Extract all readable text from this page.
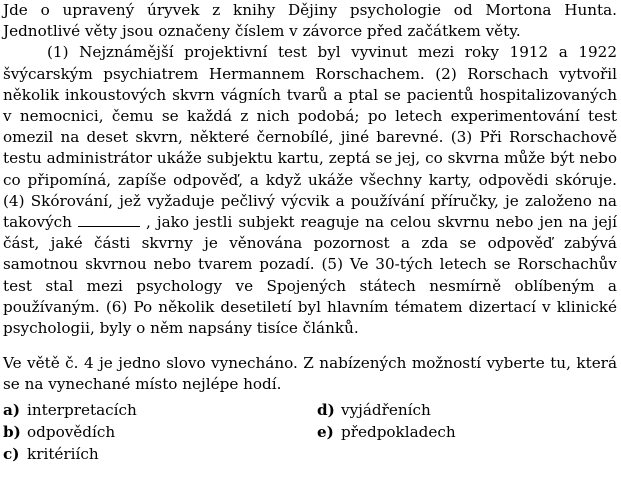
Jde o upravený úryvek z knihy Dějiny psychologie od Mortona Hunta. Jednotlivé věty jsou označeny číslem v závorce před začátkem věty.

(1) Nejznámější projektivní test byl vyvinut mezi roky 1912 a 1922 švýcarským psychiatrem Hermannem Rorschachem. (2) Rorschach vytvořil několik inkoustových skvrn vágních tvarů a ptal se pacientů hospitalizovaných v nemocnici, čemu se každá z nich podobá; po letech experimentování test omezil na deset skvrn, některé černobílé, jiné barevné. (3) Při Rorschachově testu administrátor ukáže subjektu kartu, zeptá se jej, co skvrna může být nebo co připomíná, zapíše odpověď, a když ukáže všechny karty, odpovědi skóruje. (4) Skórování, jež vyžaduje pečlivý výcvik a používání příručky, je založeno na takových	, jako jestli subjekt reaguje na celou skvrnu nebo jen na její část, jaké části skvrny je věnována pozornost a zda se odpověď zabývá samotnou skvrnou nebo tvarem pozadí. (5) Ve 30-tých letech se Rorschachův test stal mezi psychology ve Spojených státech nesmírně oblíbeným a používaným. (6) Po několik desetiletí byl hlavním tématem dizertací v klinické psychologii, byly o něm napsány tisíce článků.

Ve větě č. 4 je jedno slovo vynecháno. Z nabízených možností vyberte tu, která se na vynechané místo nejlépe hodí.

a) interpretacích
b) odpovědích
c) kritériích
d) vyjádřeních
e) předpokladech
